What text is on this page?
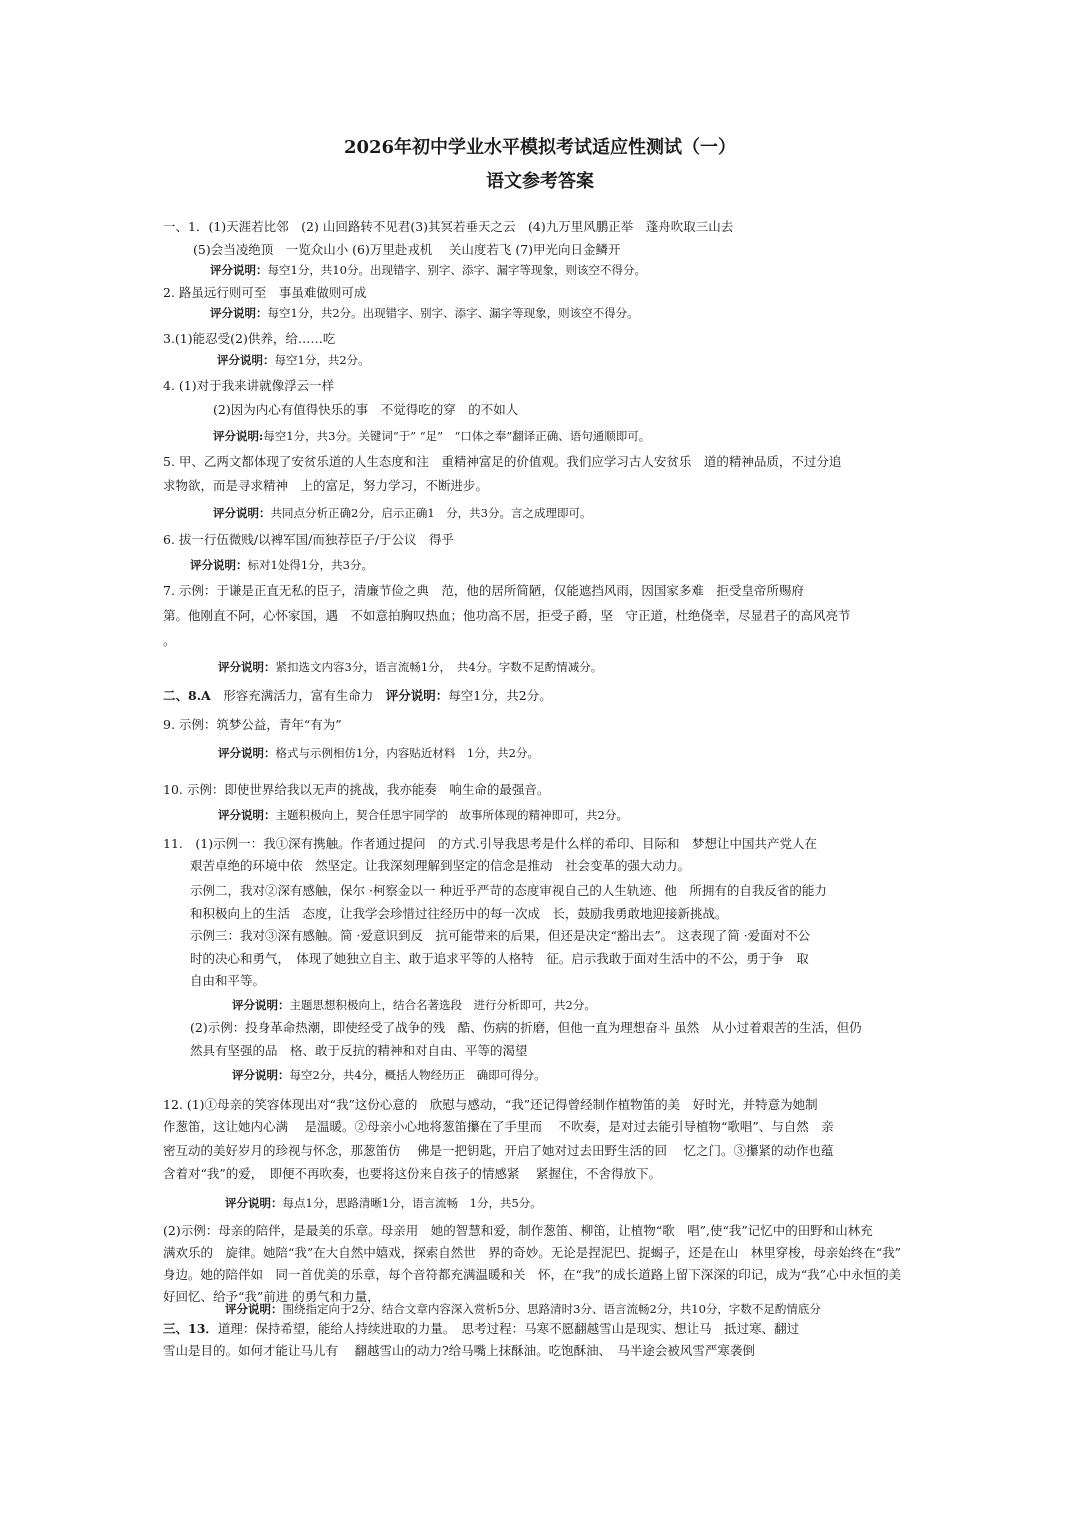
2026年初中学业水平模拟考试适应性测试（一）
语文参考答案
一、1．(1)天涯若比邻　(2) 山回路转不见君(3)其冥若垂天之云　(4)九万里风鹏正举　蓬舟吹取三山去
(5)会当凌绝顶　一览众山小 (6)万里赴戎机　 关山度若飞 (7)甲光向日金鳞开
评分说明：每空1分，共10分。出现错字、别字、添字、漏字等现象，则该空不得分。
2. 路虽远行则可至　事虽难做则可成
评分说明：每空1分，共2分。出现错字、别字、添字、漏字等现象，则该空不得分。
3.(1)能忍受(2)供养，给……吃
评分说明：每空1分，共2分。
4. (1)对于我来讲就像浮云一样
(2)因为内心有值得快乐的事　不觉得吃的穿　的不如人
评分说明:每空1分，共3分。关键词“于” “足”　“口体之奉”翻译正确、语句通顺即可。
5. 甲、乙两文都体现了安贫乐道的人生态度和注　重精神富足的价值观。我们应学习古人安贫乐　道的精神品质，不过分追
求物欲，而是寻求精神　上的富足，努力学习，不断进步。
评分说明：共同点分析正确2分，启示正确1　分，共3分。言之成理即可。
6. 拔一行伍微贱/以裨军国/而独荐臣子/于公议　得乎
评分说明：标对1处得1分，共3分。
7. 示例：于谦是正直无私的臣子，清廉节俭之典　范，他的居所简陋，仅能遮挡风雨，因国家多难　拒受皇帝所赐府
第。他刚直不阿，心怀家国，遇　不如意拍胸叹热血；他功高不居，拒受子爵，坚　守正道，杜绝侥幸，尽显君子的高风亮节
。
评分说明：紧扣选文内容3分，语言流畅1分，　共4分。字数不足酌情减分。
二、8.A　形容充满活力，富有生命力　 评分说明：每空1分，共2分。
9. 示例：筑梦公益，青年“有为”
评分说明：格式与示例相仿1分，内容贴近材料　1分，共2分。
10. 示例：即使世界给我以无声的挑战，我亦能奏　响生命的最强音。
评分说明：主题积极向上，契合任思宇同学的　故事所体现的精神即可，共2分。
11.　(1)示例一：我①深有携触。作者通过提问　的方式.引导我思考是什么样的希印、目际和　梦想让中国共产党人在
艰苦卓绝的环境中依　然坚定。让我深刻理解到坚定的信念是推动　社会变革的强大动力。
示例二，我对②深有感触，保尔 ·柯察金以一 种近乎严苛的态度审视自己的人生轨迹、他　所拥有的自我反省的能力
和积极向上的生活　态度，让我学会珍惜过往经历中的每一次成　长，鼓励我勇敢地迎接新挑战。
示例三：我对③深有感触。简 ·爱意识到反　抗可能带来的后果，但还是决定“豁出去”。 这表现了简 ·爱面对不公
时的决心和勇气，　体现了她独立自主、敢于追求平等的人格特　征。启示我敢于面对生活中的不公，勇于争　取
自由和平等。
评分说明：主题思想积极向上，结合名著选段　进行分析即可，共2分。
(2)示例：投身革命热潮，即使经受了战争的残　酷、伤病的折磨，但他一直为理想奋斗 虽然　从小过着艰苦的生活，但仍
然具有坚强的品　格、敢于反抗的精神和对自由、平等的渴望
评分说明：每空2分，共4分，概括人物经历正　确即可得分。
12. (1)①母亲的笑容体现出对“我”这份心意的　欣慰与感动，“我”还记得曾经制作植物笛的美　好时光，并特意为她制
作葱笛，这让她内心满　 是温暖。②母亲小心地将葱笛攥在了手里而　 不吹奏，是对过去能引导植物“歌唱”、与自然　亲
密互动的美好岁月的珍视与怀念，那葱笛仿　 佛是一把钥匙，开启了她对过去田野生活的回　 忆之门。③攥紧的动作也蕴
含着对“我”的爱，　即便不再吹奏，也要将这份来自孩子的情感紧　 紧握住，不舍得放下。
评分说明：每点1分，思路清晰1分，语言流畅　1分，共5分。
(2)示例：母亲的陪伴，是最美的乐章。母亲用　她的智慧和爱，制作葱笛、柳笛，让植物“歌　唱”,使“我”记忆中的田野和山林充
满欢乐的　旋律。她陪“我”在大自然中嬉戏，探索自然世　界的奇妙。无论是捏泥巴、捉蝎子，还是在山　林里穿梭，母亲始终在“我”
身边。她的陪伴如　同一首优美的乐章，每个音符都充满温暖和关　怀，在“我”的成长道路上留下深深的印记，成为“我”心中永恒的美
好回忆、给予“我”前进 的勇气和力量，
评分说明：围绕指定向于2分、结合文章内容深入赏析5分、思路清时3分、语言流畅2分，共10分，字数不足酌情底分
三、13．道理：保持希望，能给人持续进取的力量。　思考过程：马寒不愿翻越雪山是现实、想让马　抵过寒、翻过
雪山是目的。如何才能让马儿有　 翻越雪山的动力?给马嘴上抹酥油。吃饱酥油、　马半途会被风雪严寒袭倒
